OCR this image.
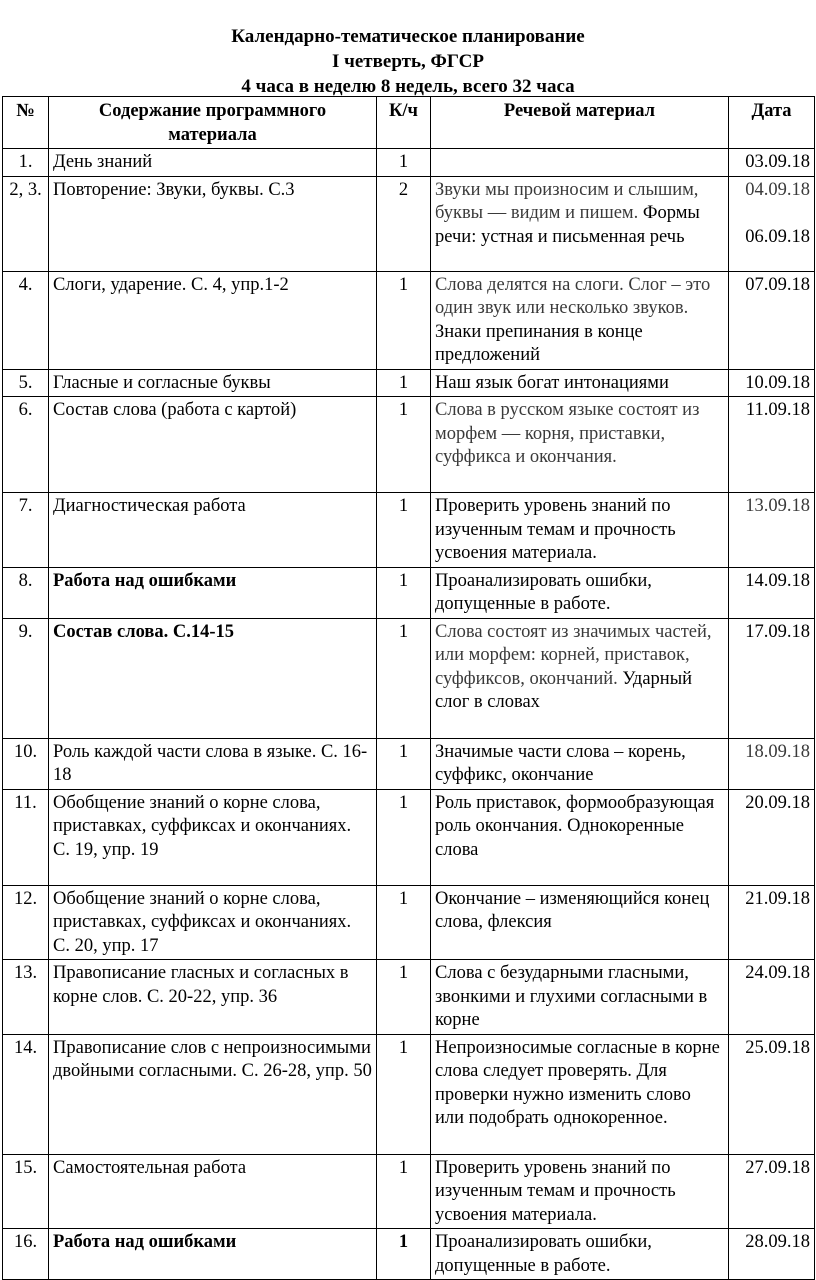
Календарно-тематическое планирование
I четверть, ФГСР
4 часа в неделю 8 недель, всего 32 часа
№	Содержание программного материала	К/ч	Речевой материал	Дата
1.	День знаний	1		03.09.18

2, 3.	Повторение: Звуки, буквы. С.3	2	Звуки мы произносим и слышим, буквы — видим и пишем. Формы речи: устная и письменная речь	04.09.18
06.09.18

4.	Слоги, ударение. С. 4, упр.1-2	1	Слова делятся на слоги. Слог – это один звук или несколько звуков. Знаки препинания в конце предложений	07.09.18

5.	Гласные и согласные буквы	1	Наш язык богат интонациями	10.09.18

6.	Состав слова (работа с картой)	1	Слова в русском языке состоят из морфем — корня, приставки, суффикса и окончания.	11.09.18

7.	Диагностическая работа	1	Проверить уровень знаний по изученным темам и прочность усвоения материала.	13.09.18

8.	Работа над ошибками	1	Проанализировать ошибки, допущенные в работе.	14.09.18

9.	Состав слова. С.14-15	1	Слова состоят из значимых частей, или морфем: корней, приставок, суффиксов, окончаний. Ударный слог в словах	17.09.18

10.	Роль каждой части слова в языке. С. 16-18	1	Значимые части слова – корень, суффикс, окончание	18.09.18

11.	Обобщение знаний о корне слова, приставках, суффиксах и окончаниях. С. 19, упр. 19	1	Роль приставок, формообразующая роль окончания. Однокоренные слова	20.09.18

12.	Обобщение знаний о корне слова, приставках, суффиксах и окончаниях. С. 20, упр. 17	1	Окончание – изменяющийся конец слова, флексия	21.09.18

13.	Правописание гласных и согласных в корне слов. С. 20-22, упр. 36	1	Слова с безударными гласными, звонкими и глухими согласными в корне	24.09.18

14.	Правописание слов с непроизносимыми двойными согласными. С. 26-28, упр. 50	1	Непроизносимые согласные в корне слова следует проверять. Для проверки нужно изменить слово или подобрать однокоренное.	25.09.18

15.	Самостоятельная работа	1	Проверить уровень знаний по изученным темам и прочность усвоения материала.	27.09.18

16.	Работа над ошибками	1	Проанализировать ошибки, допущенные в работе.	28.09.18
